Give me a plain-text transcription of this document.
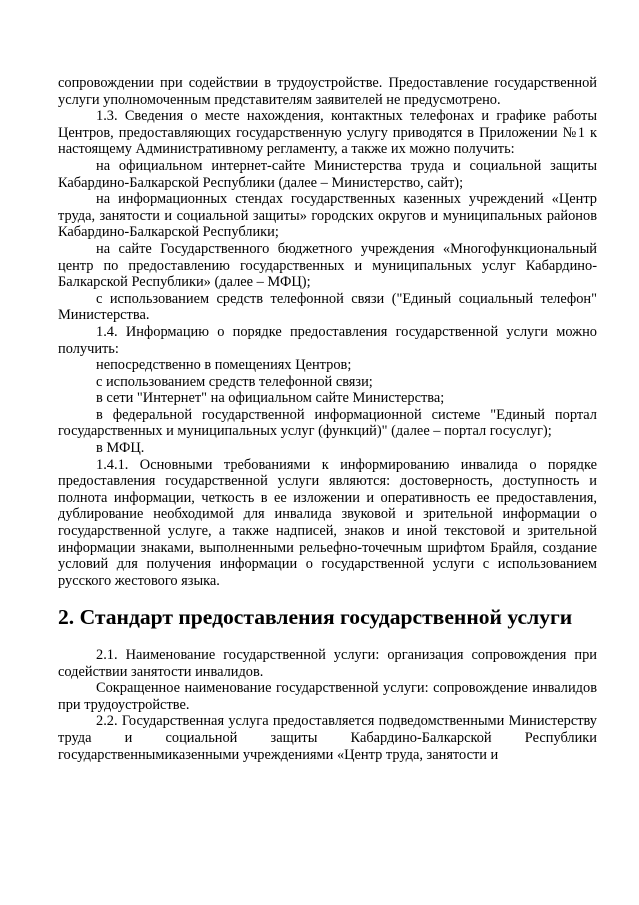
сопровождении при содействии в трудоустройстве. Предоставление государственной услуги уполномоченным представителям заявителей не предусмотрено.

1.3. Сведения о месте нахождения, контактных телефонах и графике работы Центров, предоставляющих государственную услугу приводятся в Приложении №1 к настоящему Административному регламенту, а также их можно получить:

на официальном интернет-сайте Министерства труда и социальной защиты Кабардино-Балкарской Республики (далее – Министерство, сайт);

на информационных стендах государственных казенных учреждений «Центр труда, занятости и социальной защиты» городских округов и муниципальных районов Кабардино-Балкарской Республики;

на сайте Государственного бюджетного учреждения «Многофункциональный центр по предоставлению государственных и муниципальных услуг Кабардино-Балкарской Республики» (далее – МФЦ);

с использованием средств телефонной связи ("Единый социальный телефон" Министерства.

1.4. Информацию о порядке предоставления государственной услуги можно получить:

непосредственно в помещениях Центров;

с использованием средств телефонной связи;

в сети "Интернет" на официальном сайте Министерства;

в федеральной государственной информационной системе "Единый портал государственных и муниципальных услуг (функций)" (далее – портал госуслуг);

в МФЦ.

1.4.1. Основными требованиями к информированию инвалида о порядке предоставления государственной услуги являются: достоверность, доступность и полнота информации, четкость в ее изложении и оперативность ее предоставления, дублирование необходимой для инвалида звуковой и зрительной информации о государственной услуге, а также надписей, знаков и иной текстовой и зрительной информации знаками, выполненными рельефно-точечным шрифтом Брайля, создание условий для получения информации о государственной услуги с использованием русского жестового языка.

2. Стандарт предоставления государственной услуги

2.1. Наименование государственной услуги: организация сопровождения при содействии занятости инвалидов.

Сокращенное наименование государственной услуги: сопровождение инвалидов при трудоустройстве.

2.2. Государственная услуга предоставляется подведомственными Министерству труда и социальной защиты Кабардино-Балкарской Республики государственнымиказенными учреждениями «Центр труда, занятости и
